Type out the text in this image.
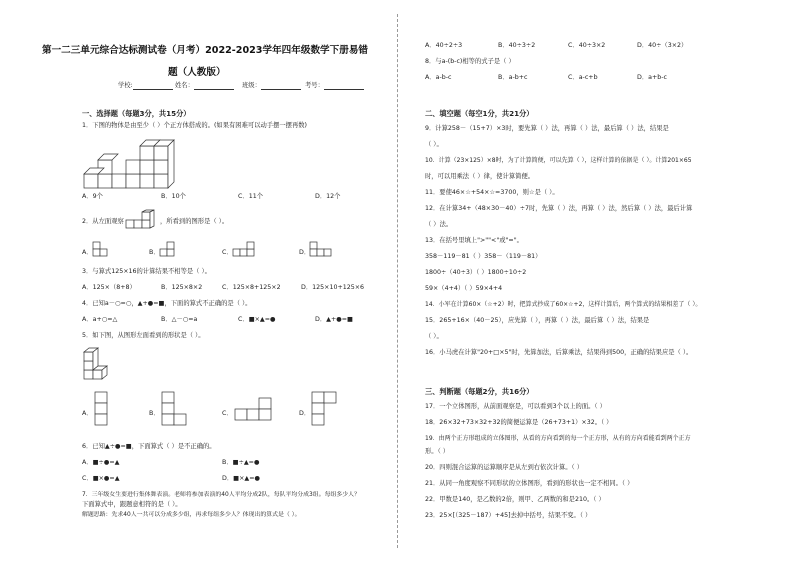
第一二三单元综合达标测试卷（月考）2022-2023学年四年级数学下册易错
题（人教版）
学校:	姓名：	班级：	考号：
一、选择题（每题3分，共15分）
1．下图的物体是由至少（ ）个正方体搭成的。(如果有困难可以动手摆一摆再数)
A．9个	B．10个	C．11个	D．12个
2．从左面观察	，所看到的图形是（ ）。
A．	B．	C．	D．
3．与算式125×16的计算结果不相等是（ ）。
A．125×（8+8）	B．125×8×2	C．125×8+125×2	D．125×10+125×6
4．已知a－○=○，▲+●=■，下面的算式不正确的是（ ）。
A．a+○=△	B．△－○=a	C．■×▲=●	D．▲+●=■
5．如下图，从图形左面看到的形状是（ ）。
A．	B．	C．	D．
6．已知▲÷●=■，下面算式（ ）是不正确的。
A．■÷●=▲	B．■÷▲=●
C．■×●=▲	D．■×▲=●
7．三年级女生要进行集体舞表演。老师将参加表演的40人平均分成2队，每队平均分成3组。每组多少人？
下面算式中，跟题意相符的是（ ）。
解题思路：先求40人一共可以分成多少组，再求每组多少人？体现出的算式是（ ）。
A．40÷2÷3	B．40÷3÷2	C．40÷3×2	D．40÷（3×2）
8．与a-(b-c)相等的式子是（ ）
A．a-b-c	B．a-b+c	C．a-c+b	D．a+b-c
二、填空题（每空1分，共21分）
9．计算258－（15+7）×3时，要先算（ ）法，再算（ ）法，最后算（ ）法，结果是
（ ）。
10．计算（23×125）×8时，为了计算简便，可以先算（ ），这样计算的依据是（ ）。计算201×65
时，可以用乘法（ ）律，使计算简便。
11．要使46×☆+54×☆=3700，则☆是（ ）。
12．在计算34+（48×30－40）÷7时，先算（ ）法，再算（ ）法，然后算（ ）法，最后计算
（ ）法。
13．在括号里填上">""<"或"="。
358－119－81（ ）358－（119－81）
1800÷（40÷3）（ ）1800÷10÷2
59×（4+4）（ ）59×4+4
14．小军在计算60×（☆+2）时，把算式抄成了60×☆+2，这样计算后，两个算式的结果相差了（ ）。
15．265+16×（40－25），应先算（ ），再算（ ）法，最后算（ ）法，结果是
（ ）。
16．小马虎在计算"20+□×5"时，先算加法，后算乘法，结果得到500，正确的结果应是（ ）。
三、判断题（每题2分，共16分）
17．一个立体图形，从前面观察是，可以看到3个以上的面。（ ）
18．26×32+73×32+32的简便运算是（26+73+1）×32。（ ）
19．由两个正方形组成的立体图形，从看的方向看到的每一个正方形，从有的方向看能看到两个正方
形。（ ）
20．四则混合运算的运算顺序是从左到右依次计算。（ ）
21．从同一角度观察不同形状的立体图形，看到的形状也一定不相同。（ ）
22．甲数是140，是乙数的2倍，则甲、乙两数的和是210。（ ）
23．25×[（325－187）+45]去掉中括号，结果不变。（ ）
